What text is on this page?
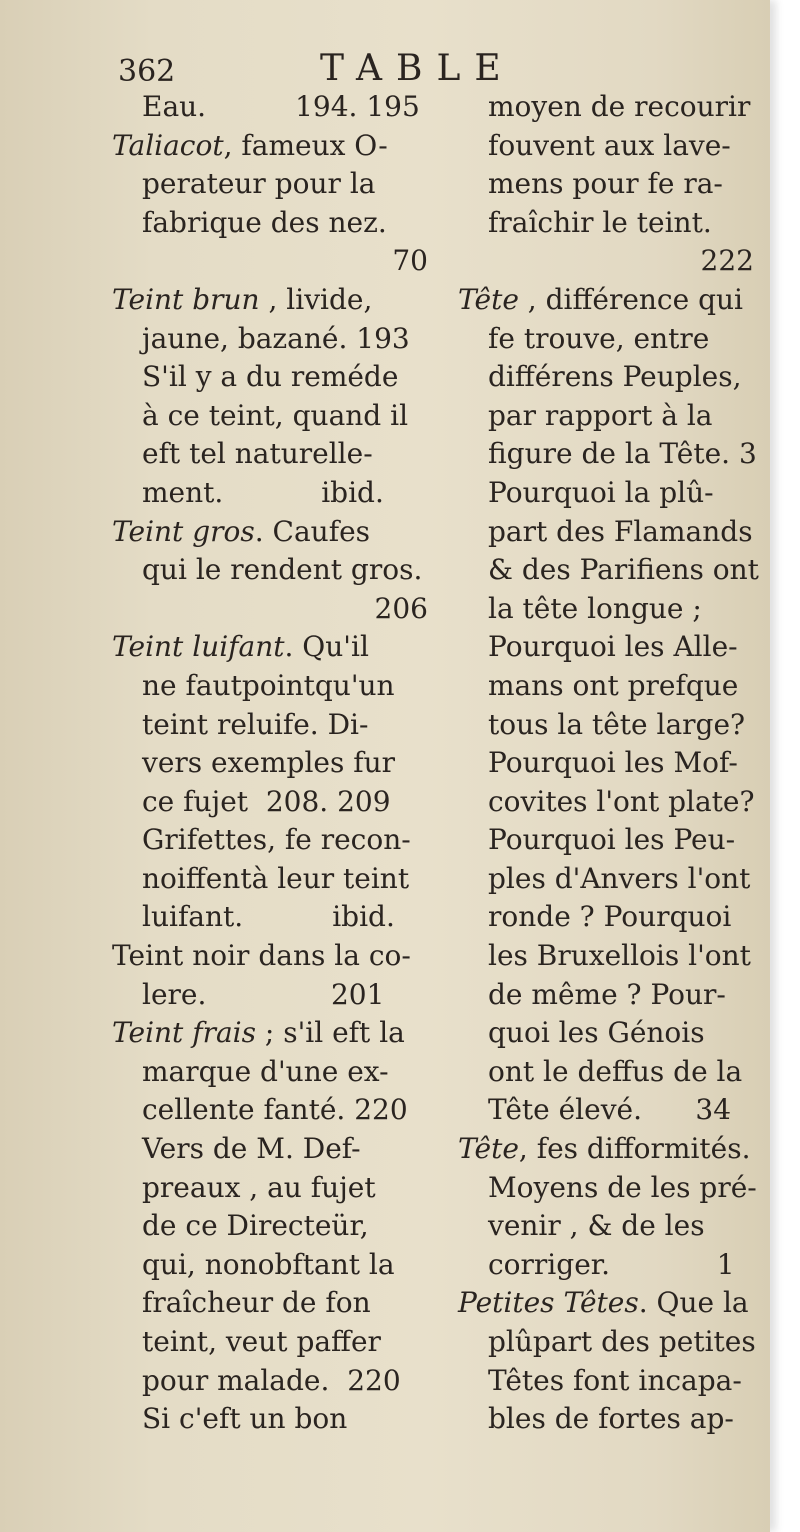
362	TABLE
Eau.          194. 195
Taliacot, fameux O-
perateur pour la
fabrique des nez.
70
Teint brun , livide,
jaune, bazané. 193
S'il y a du reméde
à ce teint, quand il
eft tel naturelle-
ment.           ibid.
Teint gros. Caufes
qui le rendent gros.
206
Teint luifant. Qu'il
ne fautpointqu'un
teint reluife. Di-
vers exemples fur
ce fujet  208. 209
Grifettes, fe recon-
noiffentà leur teint
luifant.          ibid.
Teint noir dans la co-
lere.              201
Teint frais ; s'il eft la
marque d'une ex-
cellente fanté. 220
Vers de M. Def-
preaux , au fujet
de ce Directeür,
qui, nonobftant la
fraîcheur de fon
teint, veut paffer
pour malade.  220
Si c'eft un bon
moyen de recourir
fouvent aux lave-
mens pour fe ra-
fraîchir le teint.
222
Tête , différence qui
fe trouve, entre
différens Peuples,
par rapport à la
figure de la Tête. 3
Pourquoi la plû-
part des Flamands
& des Parifiens ont
la tête longue ;
Pourquoi les Alle-
mans ont prefque
tous la tête large?
Pourquoi les Mof-
covites l'ont plate?
Pourquoi les Peu-
ples d'Anvers l'ont
ronde ? Pourquoi
les Bruxellois l'ont
de même ? Pour-
quoi les Génois
ont le deffus de la
Tête élevé.      34
Tête, fes difformités.
Moyens de les pré-
venir , & de les
corriger.            1
Petites Têtes. Que la
plûpart des petites
Têtes font incapa-
bles de fortes ap-
